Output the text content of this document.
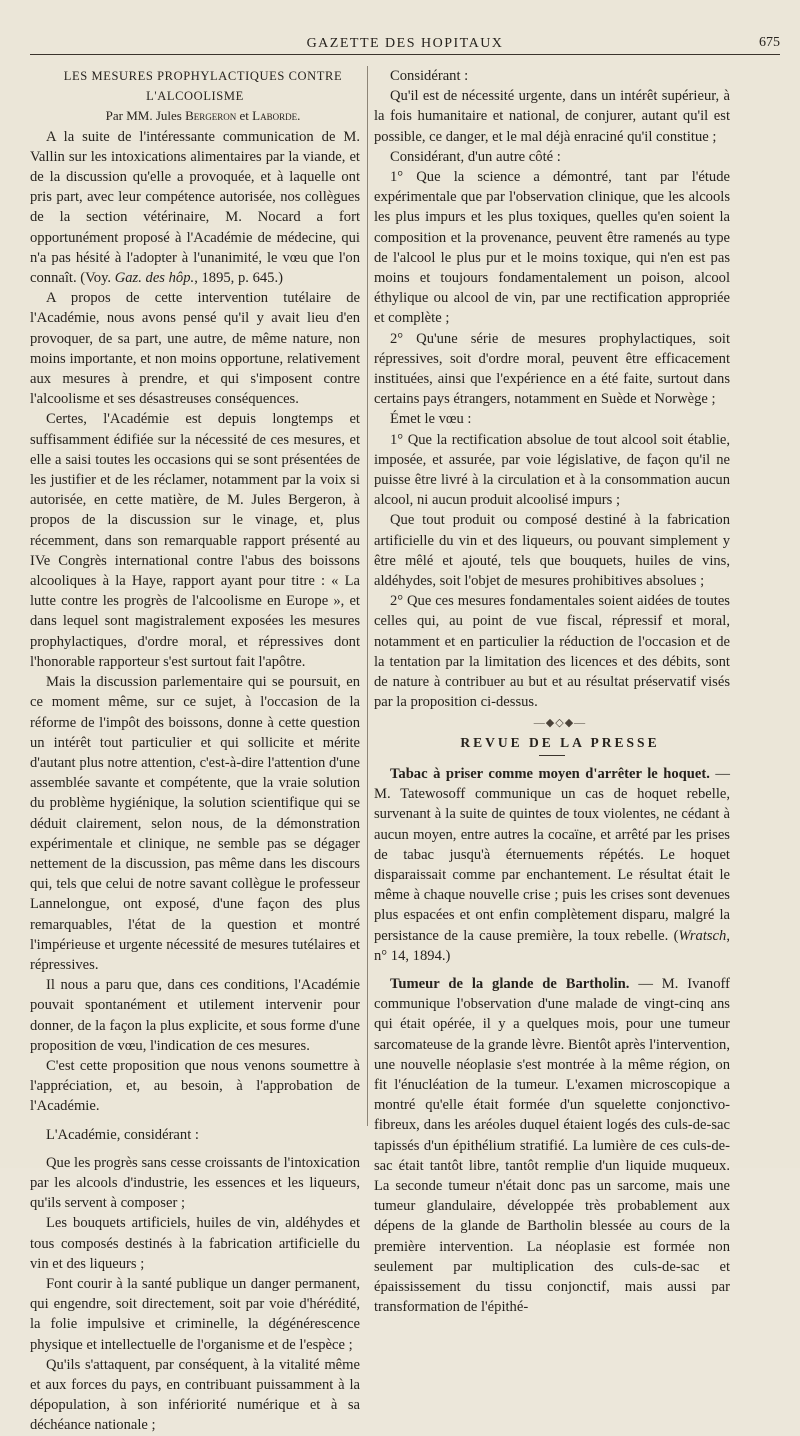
GAZETTE DES HOPITAUX	675

LES MESURES PROPHYLACTIQUES CONTRE L'ALCOOLISME

Par MM. Jules Bergeron et Laborde.

A la suite de l'intéressante communication de M. Vallin sur les intoxications alimentaires par la viande, et de la discussion qu'elle a provoquée, et à laquelle ont pris part, avec leur compétence autorisée, nos collègues de la section vétérinaire, M. Nocard a fort opportunément proposé à l'Académie de médecine, qui n'a pas hésité à l'adopter à l'unanimité, le vœu que l'on connaît. (Voy. Gaz. des hôp., 1895, p. 645.)

A propos de cette intervention tutélaire de l'Académie, nous avons pensé qu'il y avait lieu d'en provoquer, de sa part, une autre, de même nature, non moins importante, et non moins opportune, relativement aux mesures à prendre, et qui s'imposent contre l'alcoolisme et ses désastreuses conséquences.

Certes, l'Académie est depuis longtemps et suffisamment édifiée sur la nécessité de ces mesures, et elle a saisi toutes les occasions qui se sont présentées de les justifier et de les réclamer, notamment par la voix si autorisée, en cette matière, de M. Jules Bergeron, à propos de la discussion sur le vinage, et, plus récemment, dans son remarquable rapport présenté au IVe Congrès international contre l'abus des boissons alcooliques à la Haye, rapport ayant pour titre : « La lutte contre les progrès de l'alcoolisme en Europe », et dans lequel sont magistralement exposées les mesures prophylactiques, d'ordre moral, et répressives dont l'honorable rapporteur s'est surtout fait l'apôtre.

Mais la discussion parlementaire qui se poursuit, en ce moment même, sur ce sujet, à l'occasion de la réforme de l'impôt des boissons, donne à cette question un intérêt tout particulier et qui sollicite et mérite d'autant plus notre attention, c'est-à-dire l'attention d'une assemblée savante et compétente, que la vraie solution du problème hygiénique, la solution scientifique qui se déduit clairement, selon nous, de la démonstration expérimentale et clinique, ne semble pas se dégager nettement de la discussion, pas même dans les discours qui, tels que celui de notre savant collègue le professeur Lannelongue, ont exposé, d'une façon des plus remarquables, l'état de la question et montré l'impérieuse et urgente nécessité de mesures tutélaires et répressives.

Il nous a paru que, dans ces conditions, l'Académie pouvait spontanément et utilement intervenir pour donner, de la façon la plus explicite, et sous forme d'une proposition de vœu, l'indication de ces mesures.

C'est cette proposition que nous venons soumettre à l'appréciation, et, au besoin, à l'approbation de l'Académie.

L'Académie, considérant :

Que les progrès sans cesse croissants de l'intoxication par les alcools d'industrie, les essences et les liqueurs, qu'ils servent à composer ;

Les bouquets artificiels, huiles de vin, aldéhydes et tous composés destinés à la fabrication artificielle du vin et des liqueurs ;

Font courir à la santé publique un danger permanent, qui engendre, soit directement, soit par voie d'hérédité, la folie impulsive et criminelle, la dégénérescence physique et intellectuelle de l'organisme et de l'espèce ;

Qu'ils s'attaquent, par conséquent, à la vitalité même et aux forces du pays, en contribuant puissamment à la dépopulation, à son infériorité numérique et à sa déchéance nationale ;

Considérant :

Qu'il est de nécessité urgente, dans un intérêt supérieur, à la fois humanitaire et national, de conjurer, autant qu'il est possible, ce danger, et le mal déjà enraciné qu'il constitue ;

Considérant, d'un autre côté :

1° Que la science a démontré, tant par l'étude expérimentale que par l'observation clinique, que les alcools les plus impurs et les plus toxiques, quelles qu'en soient la composition et la provenance, peuvent être ramenés au type de l'alcool le plus pur et le moins toxique, qui n'en est pas moins et toujours fondamentalement un poison, alcool éthylique ou alcool de vin, par une rectification appropriée et complète ;

2° Qu'une série de mesures prophylactiques, soit répressives, soit d'ordre moral, peuvent être efficacement instituées, ainsi que l'expérience en a été faite, surtout dans certains pays étrangers, notamment en Suède et Norwège ;

Émet le vœu :

1° Que la rectification absolue de tout alcool soit établie, imposée, et assurée, par voie législative, de façon qu'il ne puisse être livré à la circulation et à la consommation aucun alcool, ni aucun produit alcoolisé impurs ;

Que tout produit ou composé destiné à la fabrication artificielle du vin et des liqueurs, ou pouvant simplement y être mêlé et ajouté, tels que bouquets, huiles de vins, aldéhydes, soit l'objet de mesures prohibitives absolues ;

2° Que ces mesures fondamentales soient aidées de toutes celles qui, au point de vue fiscal, répressif et moral, notamment et en particulier la réduction de l'occasion et de la tentation par la limitation des licences et des débits, sont de nature à contribuer au but et au résultat préservatif visés par la proposition ci-dessus.

—◆◇◆—

REVUE DE LA PRESSE

Tabac à priser comme moyen d'arrêter le hoquet. — M. Tatewosoff communique un cas de hoquet rebelle, survenant à la suite de quintes de toux violentes, ne cédant à aucun moyen, entre autres la cocaïne, et arrêté par les prises de tabac jusqu'à éternuements répétés. Le hoquet disparaissait comme par enchantement. Le résultat était le même à chaque nouvelle crise ; puis les crises sont devenues plus espacées et ont enfin complètement disparu, malgré la persistance de la cause première, la toux rebelle. (Wratsch, n° 14, 1894.)

Tumeur de la glande de Bartholin. — M. Ivanoff communique l'observation d'une malade de vingt-cinq ans qui était opérée, il y a quelques mois, pour une tumeur sarcomateuse de la grande lèvre. Bientôt après l'intervention, une nouvelle néoplasie s'est montrée à la même région, on fit l'énucléation de la tumeur. L'examen microscopique a montré qu'elle était formée d'un squelette conjonctivo-fibreux, dans les aréoles duquel étaient logés des culs-de-sac tapissés d'un épithélium stratifié. La lumière de ces culs-de-sac était tantôt libre, tantôt remplie d'un liquide muqueux. La seconde tumeur n'était donc pas un sarcome, mais une tumeur glandulaire, développée très probablement aux dépens de la glande de Bartholin blessée au cours de la première intervention. La néoplasie est formée non seulement par multiplication des culs-de-sac et épaississement du tissu conjonctif, mais aussi par transformation de l'épithé-
